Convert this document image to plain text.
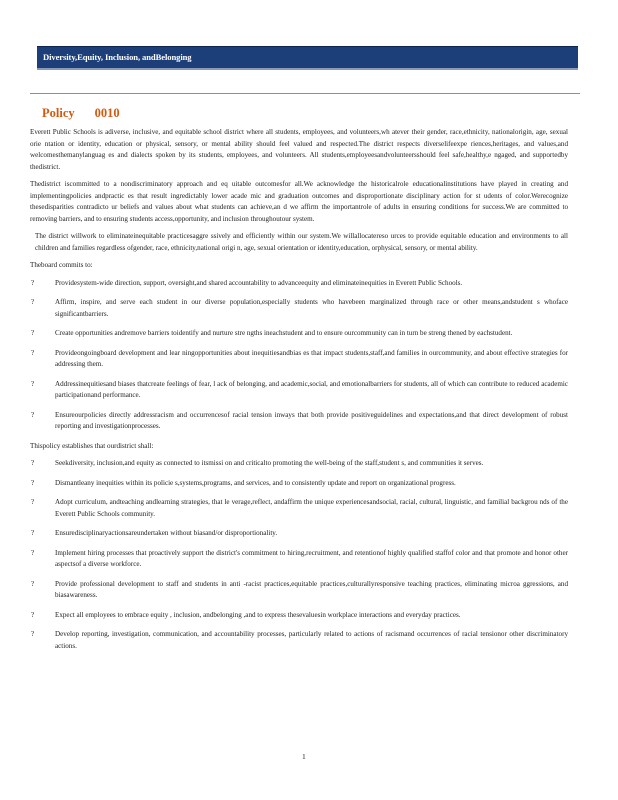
Diversity,Equity, Inclusion, andBelonging
Policy 0010

Everett Public Schools is adiverse, inclusive, and equitable school district where all students, employees, and volunteers,wh atever their gender, race,ethnicity, nationalorigin, age, sexual orie ntation or identity, education or physical, sensory, or mental ability should feel valued and respected.The district respects diverselifeexpe riences,heritages, and values,and welcomesthemanylanguag es and dialects spoken by its students, employees, and volunteers. All students,employeesandvolunteersshould feel safe,healthy,e ngaged, and supportedby thedistrict.

Thedistrict iscommitted to a nondiscriminatory approach and eq uitable outcomesfor all.We acknowledge the historicalrole educationalinstitutions have played in creating and implementingpolicies andpractic es that result ingredictably lower acade mic and graduation outcomes and disproportionate disciplinary action for st udents of color.Werecognize thesedisparities contradicto ur beliefs and values about what students can achieve,an d we affirm the importantrole of adults in ensuring conditions for success.We are committed to removing barriers, and to ensuring students access,opportunity, and inclusion throughoutour system.

The district willwork to eliminateinequitable practicesaggre ssively and efficiently within our system.We willallocatereso urces to provide equitable education and environments to all children and families regardless ofgender, race, ethnicity,national origi n, age, sexual orientation or identity,education, orphysical, sensory, or mental ability.

Theboard commits to:
?	Providesystem-wide direction, support, oversight,and shared accountability to advanceequity and eliminateinequities in Everett Public Schools.
?	Affirm, inspire, and serve each student in our diverse population,especially students who havebeen marginalized through race or other means,andstudent s whoface significantbarriers.
?	Create opportunities andremove barriers toidentify and nurture stre ngths ineachstudent and to ensure ourcommunity can in turn be streng thened by eachstudent.
?	Provideongoingboard development and lear ningopportunities about inequitiesandbias es that impact students,staff,and families in ourcommunity, and about effective strategies for addressing them.
?	Addressinequitiesand biases thatcreate feelings of fear, l ack of belonging, and academic,social, and emotionalbarriers for students, all of which can contribute to reduced academic participationand performance.
?	Ensureourpolicies directly addressracism and occurrencesof racial tension inways that both provide positiveguidelines and expectations,and that direct development of robust reporting and investigationprocesses.
Thispolicy establishes that ourdistrict shall:
?	Seekdiversity, inclusion,and equity as connected to itsmissi on and criticalto promoting the well-being of the staff,student s, and communities it serves.
?	Dismantleany inequities within its policie s,systems,programs, and services, and to consistently update and report on organizational progress.
?	Adopt curriculum, andteaching andlearning strategies, that le verage,reflect, andaffirm the unique experiencesandsocial, racial, cultural, linguistic, and familial backgrou nds of the Everett Public Schools community.
?	Ensuredisciplinaryactionsareundertaken without biasand/or disproportionality.
?	Implement hiring processes that proactively support the district's commitment to hiring,recruitment, and retentionof highly qualified staffof color and that promote and honor other aspectsof a diverse workforce.
?	Provide professional development to staff and students in anti -racist practices,equitable practices,culturallyresponsive teaching practices, eliminating microa ggressions, and biasawareness.
?	Expect all employees to embrace equity , inclusion, andbelonging ,and to express thesevaluesin workplace interactions and everyday practices.
?	Develop reporting, investigation, communication, and accountability processes, particularly related to actions of racismand occurrences of racial tensionor other discriminatory actions.
1
